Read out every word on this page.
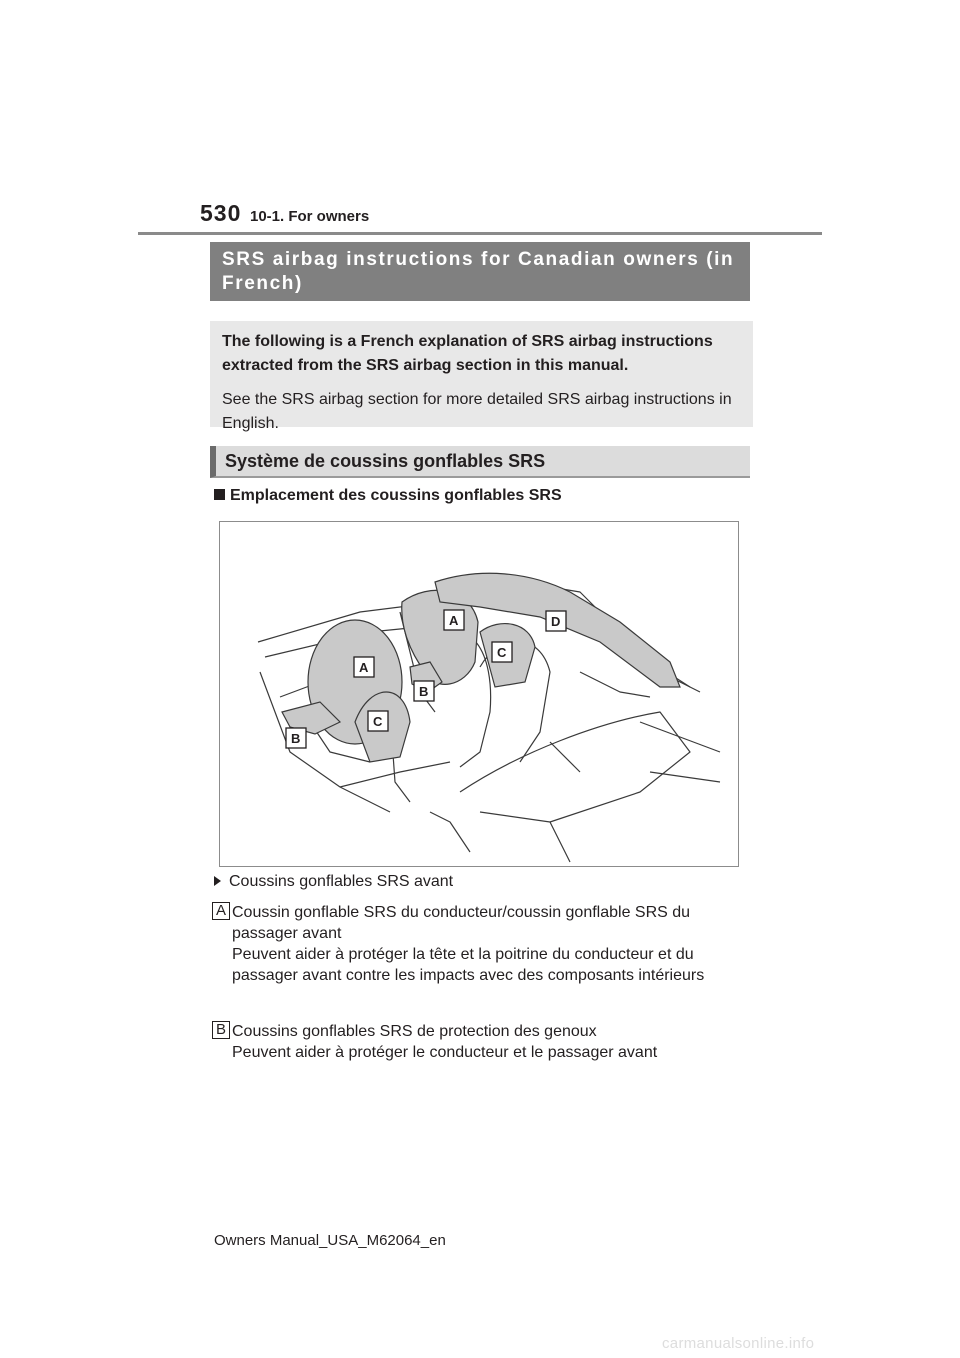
530 10-1. For owners
SRS airbag instructions for Canadian owners (in French)

The following is a French explanation of SRS airbag instructions extracted from the SRS airbag section in this manual.

See the SRS airbag section for more detailed SRS airbag instructions in English.

Système de coussins gonflables SRS
Emplacement des coussins gonflables SRS
A
A
B
B
C
C
D
Coussins gonflables SRS avant
A Coussin gonflable SRS du conducteur/coussin gonflable SRS du passager avant

Peuvent aider à protéger la tête et la poitrine du conducteur et du passager avant contre les impacts avec des composants intérieurs

B Coussins gonflables SRS de protection des genoux

Peuvent aider à protéger le conducteur et le passager avant

Owners Manual_USA_M62064_en
carmanualsonline.info
